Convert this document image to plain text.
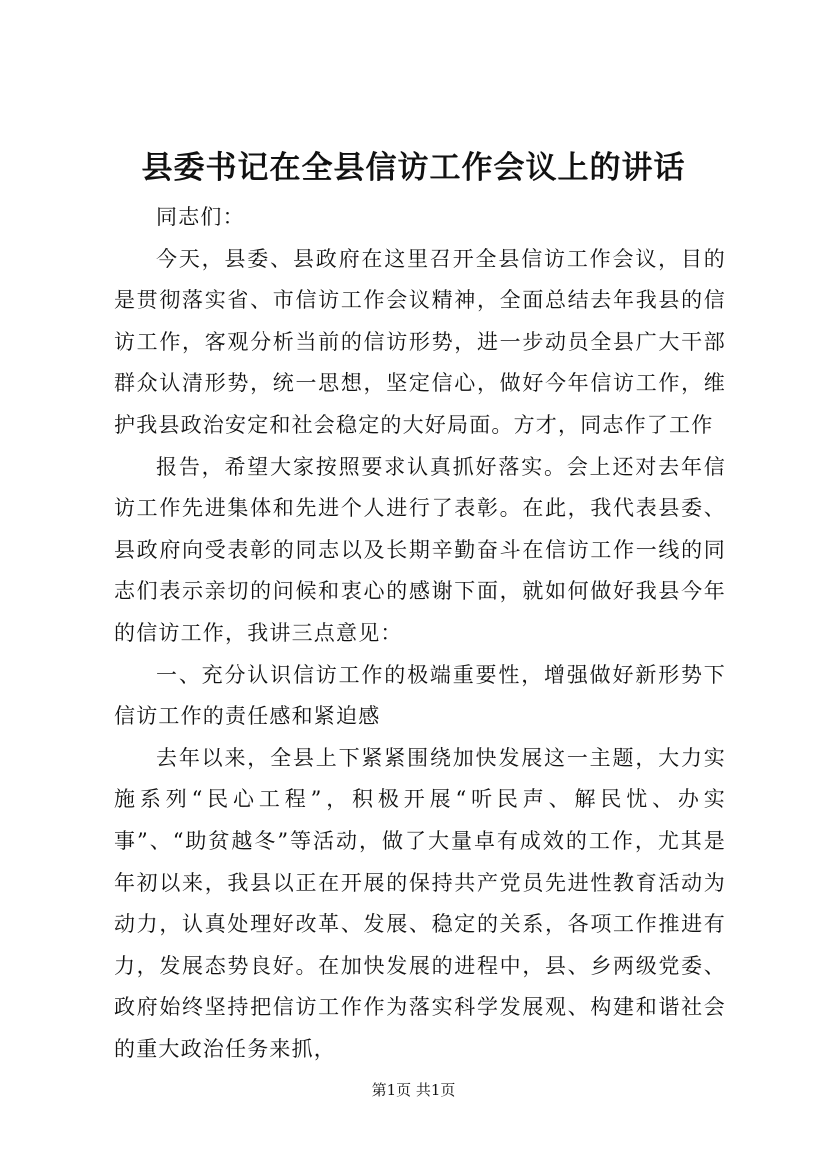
县委书记在全县信访工作会议上的讲话

同志们：

今天，县委、县政府在这里召开全县信访工作会议，目的是贯彻落实省、市信访工作会议精神，全面总结去年我县的信访工作，客观分析当前的信访形势，进一步动员全县广大干部群众认清形势，统一思想，坚定信心，做好今年信访工作，维护我县政治安定和社会稳定的大好局面。方才，同志作了工作

报告，希望大家按照要求认真抓好落实。会上还对去年信访工作先进集体和先进个人进行了表彰。在此，我代表县委、县政府向受表彰的同志以及长期辛勤奋斗在信访工作一线的同志们表示亲切的问候和衷心的感谢下面，就如何做好我县今年的信访工作，我讲三点意见：

一、充分认识信访工作的极端重要性，增强做好新形势下信访工作的责任感和紧迫感

去年以来，全县上下紧紧围绕加快发展这一主题，大力实施系列“民心工程”，积极开展“听民声、解民忧、办实事”、“助贫越冬”等活动，做了大量卓有成效的工作，尤其是年初以来，我县以正在开展的保持共产党员先进性教育活动为动力，认真处理好改革、发展、稳定的关系，各项工作推进有力，发展态势良好。在加快发展的进程中，县、乡两级党委、政府始终坚持把信访工作作为落实科学发展观、构建和谐社会的重大政治任务来抓，

第1页 共1页
